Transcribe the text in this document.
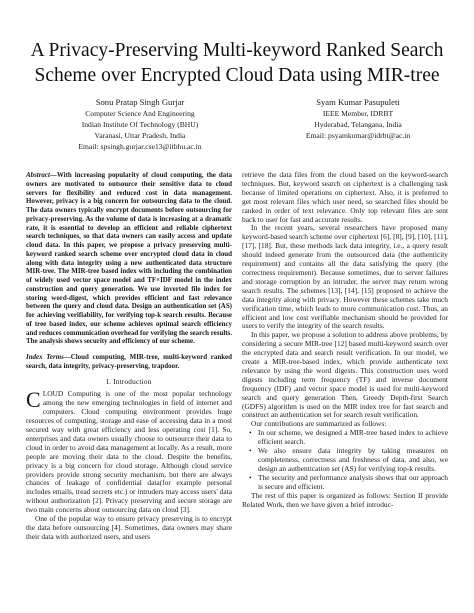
A Privacy-Preserving Multi-keyword Ranked Search Scheme over Encrypted Cloud Data using MIR-tree
Sonu Pratap Singh Gurjar
Computer Science And Engineering
Indian Institute Of Technology (BHU)
Varanasi, Uttar Pradesh, India
Email: spsingh.gurjar.cse13@itbhu.ac.in
Syam Kumar Pasupuleti
IEEE Member, IDRBT
Hyderabad, Telangana, India
Email: psyamkumar@idrbt@ac.in

Abstract—With increasing popularity of cloud computing, the data owners are motivated to outsource their sensitive data to cloud servers for flexibility and reduced cost in data management. However, privacy is a big concern for outsourcing data to the cloud. The data owners typically encrypt documents before outsourcing for privacy-preserving. As the volume of data is increasing at a dramatic rate, it is essential to develop an efficient and reliable ciphertext search techniques, so that data owners can easily access and update cloud data. In this paper, we propose a privacy preserving multi-keyword ranked search scheme over encrypted cloud data in cloud along with data integrity using a new authenticated data structure MIR-tree. The MIR-tree based index with including the combination of widely used vector space model and TF×IDF model in the index construction and query generation. We use inverted file index for storing word-digest, which provides efficient and fast relevance between the query and cloud data. Design an authentication set (AS) for achieving verifiability, for verifying top-k search results. Because of tree based index, our scheme achieves optimal search efficiency and reduces communication overhead for verifying the search results. The analysis shows security and efficiency of our scheme.

Index Terms—Cloud computing, MIR-tree, multi-keyword ranked search, data integrity, privacy-preserving, trapdoor.

I. Introduction

CLOUD Computing is one of the most popular technology among the new emerging technologies in field of internet and computers. Cloud computing environment provides huge resources of computing, storage and ease of accessing data in a most secured way with great efficiency and less operating cost [1]. So, enterprises and data owners usually choose to outsource their data to cloud in order to avoid data management at locally. As a result, more people are moving their data to the cloud. Despite the benefits, privacy is a big concern for cloud storage. Although cloud service providers provide strong security mechanism, but there are always chances of leakage of confidential data(for example personal includes emails, tread secrets etc.) or intruders may access users' data without authorization [2]. Privacy preserving and secure storage are two main concerns about outsourcing data on cloud [3].

One of the popular way to ensure privacy preserving is to encrypt the data before outsourcing [4]. Sometimes, data owners may share their data with authorized users, and users

retrieve the data files from the cloud based on the keyword-search techniques. But, keyword search on ciphertext is a challenging task because of limited operations on ciphertext. Also, it is preferred to get most relevant files which user need, so searched files should be ranked in order of text relevance. Only top relevant files are sent back to user for fast and accurate results.

In the recent years, several researchers have proposed many keyword-based search scheme over ciphertext [6], [8], [9], [10], [11], [17], [18]. But, these methods lack data integrity, i.e., a query result should indeed generate from the outsourced data (the authenticity requirement) and contains all the data satisfying the query (the correctness requirement). Because sometimes, due to server failures and storage corruption by an intruder, the server may return wrong search results. The schemes [13], [14], [15] proposed to achieve the data integrity along with privacy. However these schemes take much verification time, which leads to more communication cost. Thus, an efficient and low cost verifiable mechanism should be provided for users to verify the integrity of the search results.

In this paper, we propose a solution to address above problems, by considering a secure MIR-tree [12] based multi-keyword search over the encrypted data and search result verification. In our model, we create a MIR-tree-based index, which provide authenticate text relevance by using the word digests. This construction uses word digests including term frequency (TF) and inverse document frequency (IDF) ,and vector space model is used for multi-keyword search and query generation Then, Greedy Depth-first Search (GDFS) algorithm is used on the MIR index tree for fast search and construct an authentication set for search result verification.

Our contributions are summarized as follows:

• In our scheme, we designed a MIR-tree based index to achieve efficient search.
• We also ensure data integrity by taking measures on completeness, correctness and freshness of data, and also, we design an authentication set (AS) for verifying top-k results.
• The security and performance analysis shows that our approach is secure and efficient.

The rest of this paper is organized as follows: Section II provide Related Work, then we have given a brief introduc-
